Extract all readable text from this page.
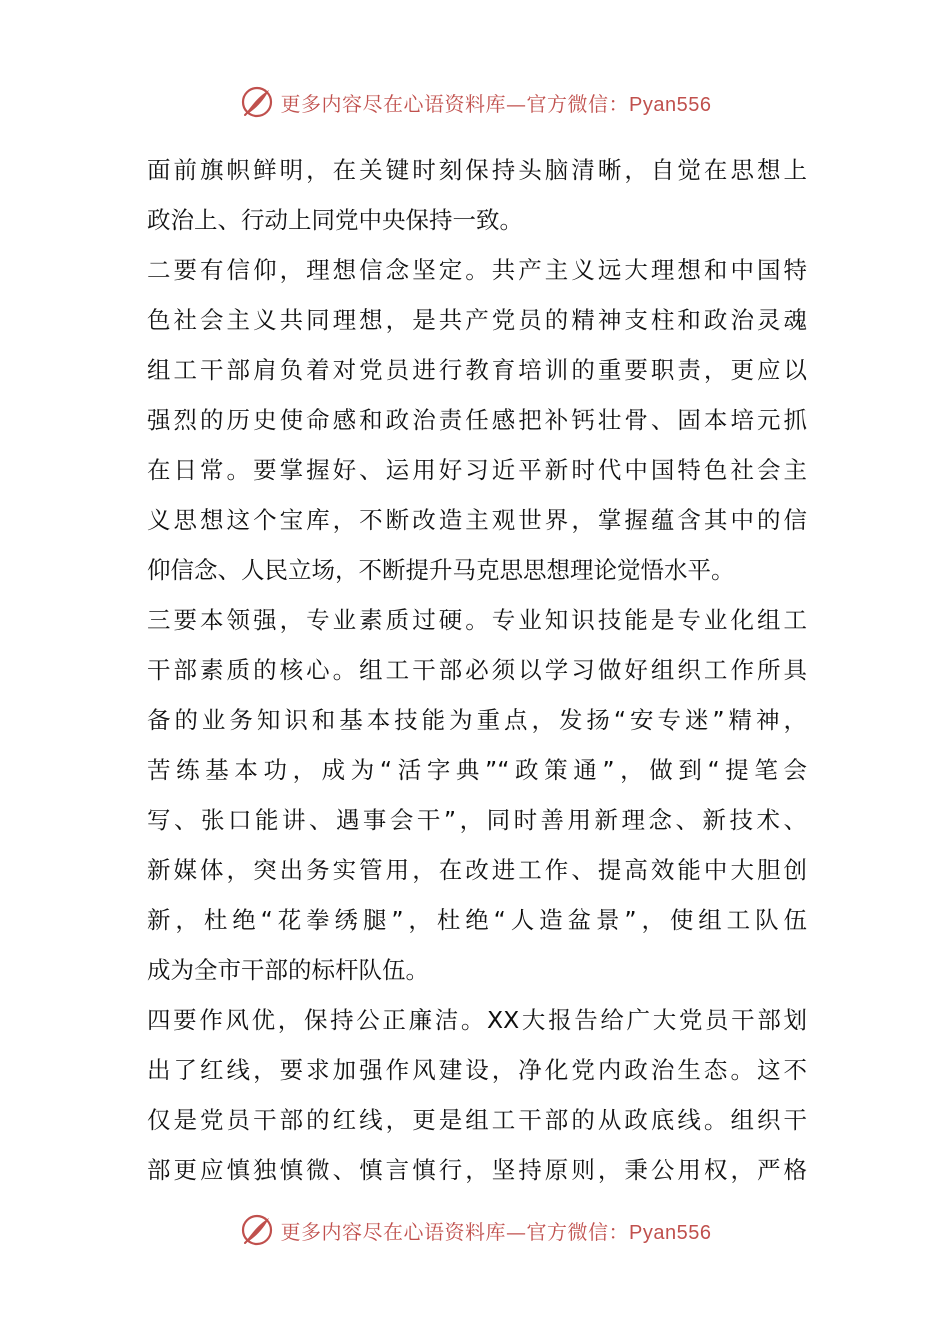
更多内容尽在心语资料库—官方微信：Pyan556
面前旗帜鲜明，在关键时刻保持头脑清晰，自觉在思想上
政治上、行动上同党中央保持一致。
二要有信仰，理想信念坚定。共产主义远大理想和中国特
色社会主义共同理想，是共产党员的精神支柱和政治灵魂
组工干部肩负着对党员进行教育培训的重要职责，更应以
强烈的历史使命感和政治责任感把补钙壮骨、固本培元抓
在日常。要掌握好、运用好习近平新时代中国特色社会主
义思想这个宝库，不断改造主观世界，掌握蕴含其中的信
仰信念、人民立场，不断提升马克思思想理论觉悟水平。
三要本领强，专业素质过硬。专业知识技能是专业化组工
干部素质的核心。组工干部必须以学习做好组织工作所具
备的业务知识和基本技能为重点，发扬“安专迷”精神，
苦练基本功，成为“活字典”“政策通”，做到“提笔会
写、张口能讲、遇事会干”，同时善用新理念、新技术、
新媒体，突出务实管用，在改进工作、提高效能中大胆创
新，杜绝“花拳绣腿”，杜绝“人造盆景”，使组工队伍
成为全市干部的标杆队伍。
四要作风优，保持公正廉洁。XX大报告给广大党员干部划
出了红线，要求加强作风建设，净化党内政治生态。这不
仅是党员干部的红线，更是组工干部的从政底线。组织干
部更应慎独慎微、慎言慎行，坚持原则，秉公用权，严格
更多内容尽在心语资料库—官方微信：Pyan556
